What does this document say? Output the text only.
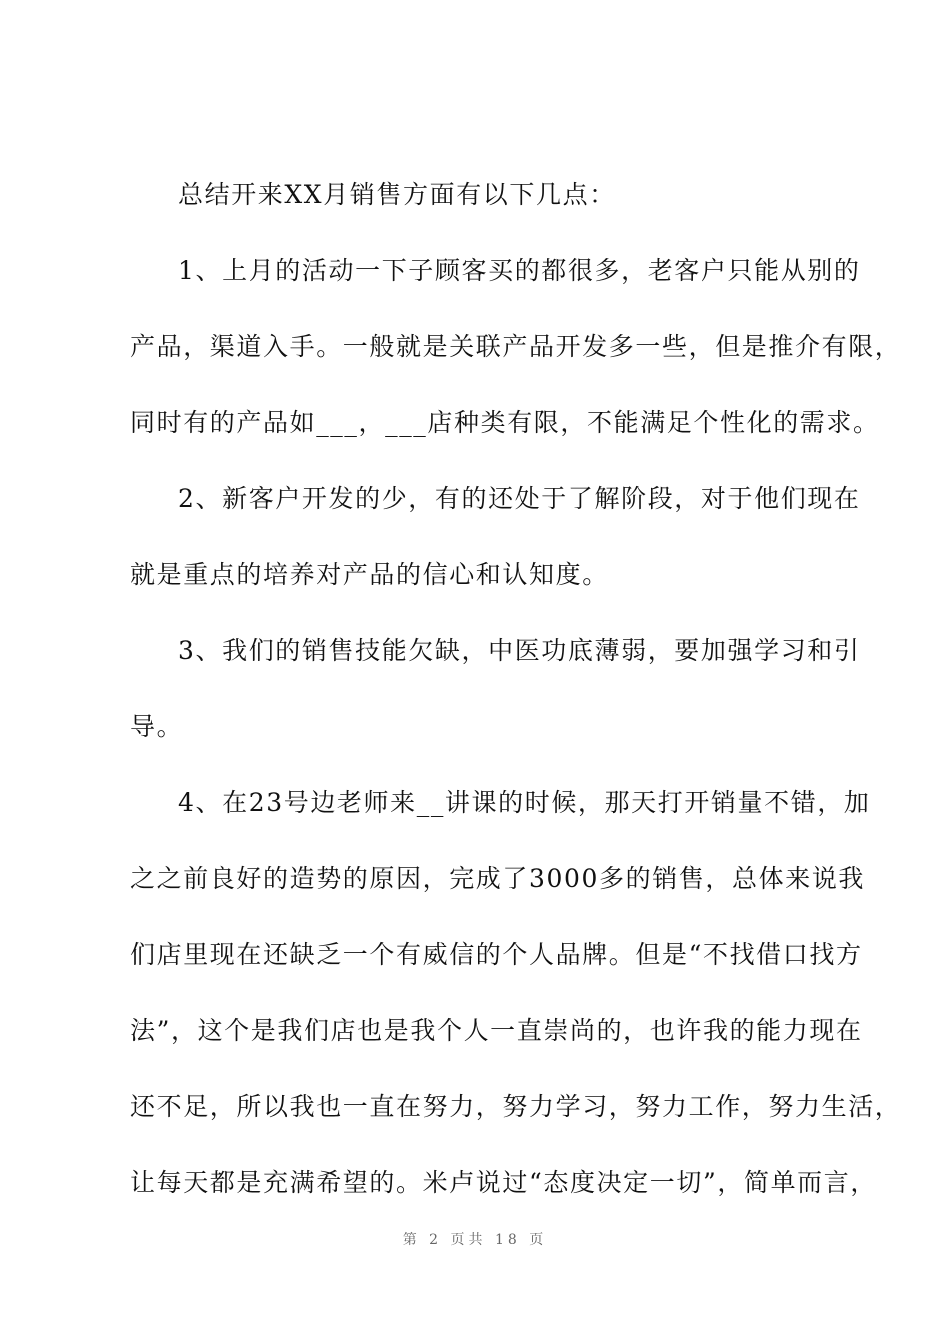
总结开来XX月销售方面有以下几点：
1、上月的活动一下子顾客买的都很多，老客户只能从别的
产品，渠道入手。一般就是关联产品开发多一些，但是推介有限，
同时有的产品如___，___店种类有限，不能满足个性化的需求。
2、新客户开发的少，有的还处于了解阶段，对于他们现在
就是重点的培养对产品的信心和认知度。
3、我们的销售技能欠缺，中医功底薄弱，要加强学习和引
导。
4、在23号边老师来__讲课的时候，那天打开销量不错，加
之之前良好的造势的原因，完成了3000多的销售，总体来说我
们店里现在还缺乏一个有威信的个人品牌。但是“不找借口找方
法”，这个是我们店也是我个人一直崇尚的，也许我的能力现在
还不足，所以我也一直在努力，努力学习，努力工作，努力生活，
让每天都是充满希望的。米卢说过“态度决定一切”，简单而言，
第 2 页共 18 页
